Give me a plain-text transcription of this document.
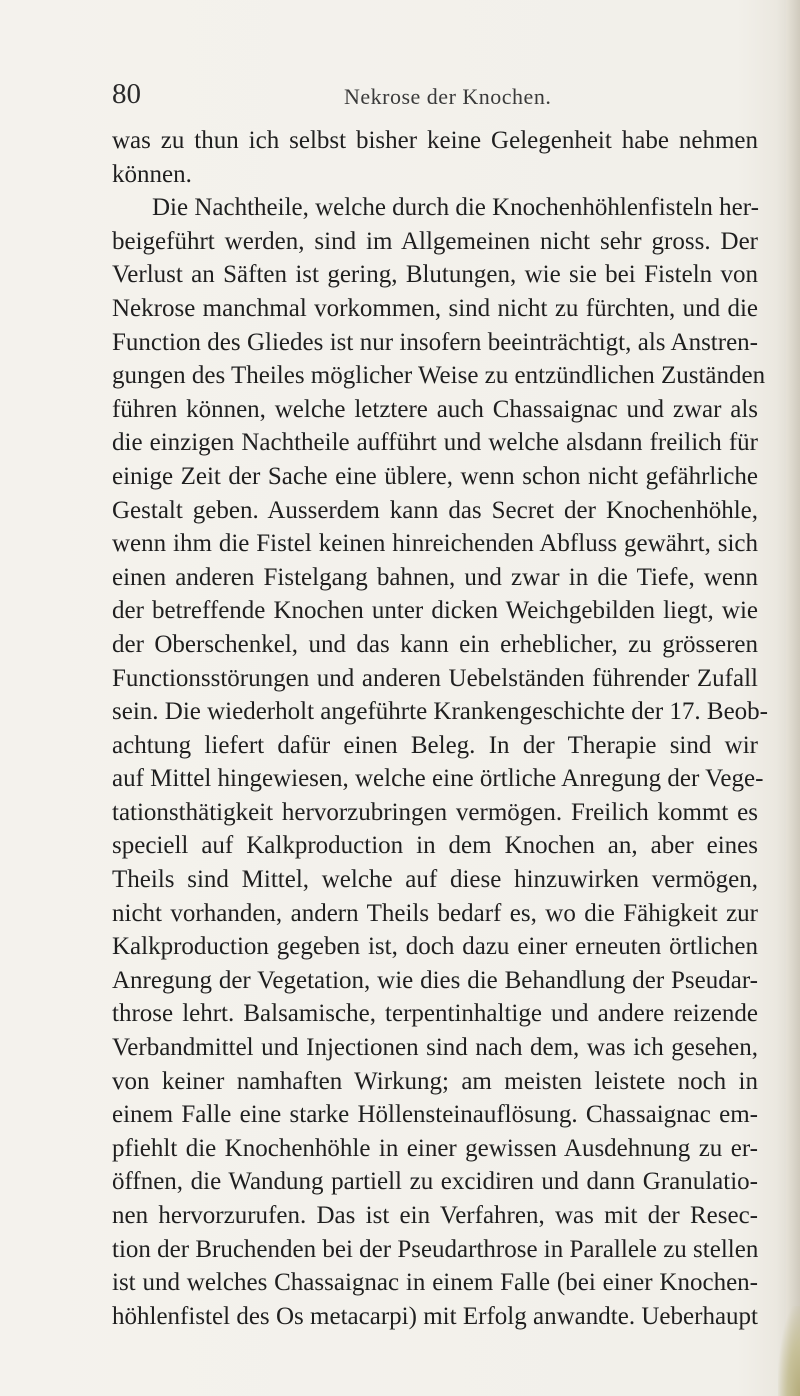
80	Nekrose der Knochen.
was zu thun ich selbst bisher keine Gelegenheit habe nehmen
können.
Die Nachtheile, welche durch die Knochenhöhlenfisteln her-
beigeführt werden, sind im Allgemeinen nicht sehr gross. Der
Verlust an Säften ist gering, Blutungen, wie sie bei Fisteln von
Nekrose manchmal vorkommen, sind nicht zu fürchten, und die
Function des Gliedes ist nur insofern beeinträchtigt, als Anstren-
gungen des Theiles möglicher Weise zu entzündlichen Zuständen
führen können, welche letztere auch Chassaignac und zwar als
die einzigen Nachtheile aufführt und welche alsdann freilich für
einige Zeit der Sache eine üblere, wenn schon nicht gefährliche
Gestalt geben. Ausserdem kann das Secret der Knochenhöhle,
wenn ihm die Fistel keinen hinreichenden Abfluss gewährt, sich
einen anderen Fistelgang bahnen, und zwar in die Tiefe, wenn
der betreffende Knochen unter dicken Weichgebilden liegt, wie
der Oberschenkel, und das kann ein erheblicher, zu grösseren
Functionsstörungen und anderen Uebelständen führender Zufall
sein. Die wiederholt angeführte Krankengeschichte der 17. Beob-
achtung liefert dafür einen Beleg. In der Therapie sind wir
auf Mittel hingewiesen, welche eine örtliche Anregung der Vege-
tationsthätigkeit hervorzubringen vermögen. Freilich kommt es
speciell auf Kalkproduction in dem Knochen an, aber eines
Theils sind Mittel, welche auf diese hinzuwirken vermögen,
nicht vorhanden, andern Theils bedarf es, wo die Fähigkeit zur
Kalkproduction gegeben ist, doch dazu einer erneuten örtlichen
Anregung der Vegetation, wie dies die Behandlung der Pseudar-
throse lehrt. Balsamische, terpentinhaltige und andere reizende
Verbandmittel und Injectionen sind nach dem, was ich gesehen,
von keiner namhaften Wirkung; am meisten leistete noch in
einem Falle eine starke Höllensteinauflösung. Chassaignac em-
pfiehlt die Knochenhöhle in einer gewissen Ausdehnung zu er-
öffnen, die Wandung partiell zu excidiren und dann Granulatio-
nen hervorzurufen. Das ist ein Verfahren, was mit der Resec-
tion der Bruchenden bei der Pseudarthrose in Parallele zu stellen
ist und welches Chassaignac in einem Falle (bei einer Knochen-
höhlenfistel des Os metacarpi) mit Erfolg anwandte. Ueberhaupt
